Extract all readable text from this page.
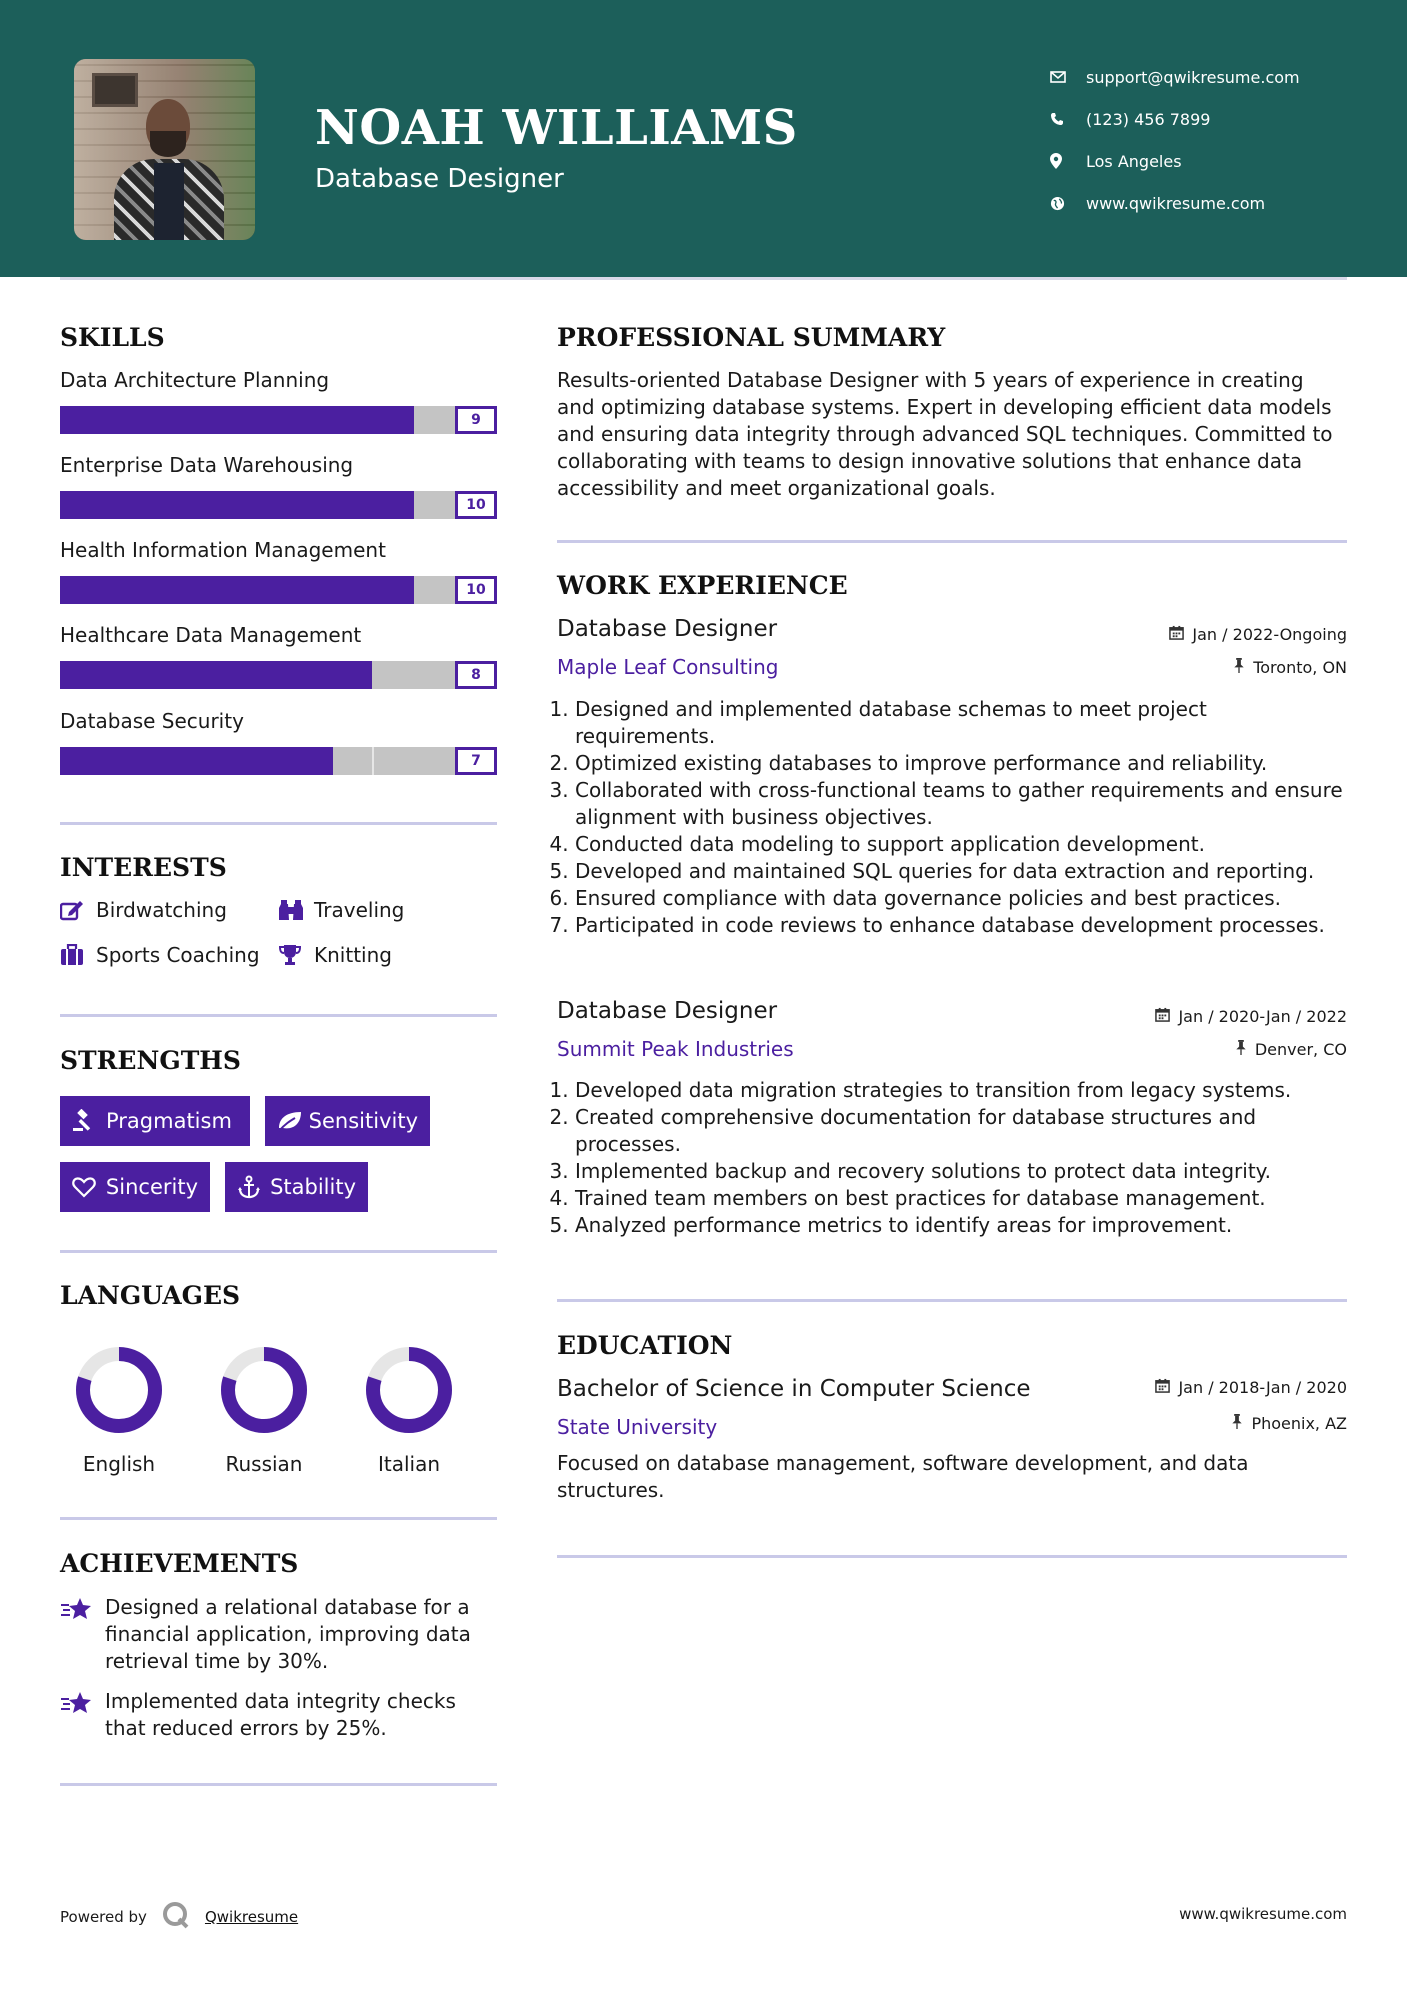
NOAH WILLIAMS
Database Designer
support@qwikresume.com
(123) 456 7899
Los Angeles
www.qwikresume.com
SKILLS
Data Architecture Planning
9
Enterprise Data Warehousing
10
Health Information Management
10
Healthcare Data Management
8
Database Security
7
INTERESTS
Birdwatching	Traveling
Sports Coaching	Knitting
STRENGTHS
Pragmatism	Sensitivity
Sincerity	Stability
LANGUAGES
English	Russian	Italian
ACHIEVEMENTS
Designed a relational database for a financial application, improving data retrieval time by 30%.
Implemented data integrity checks that reduced errors by 25%.
PROFESSIONAL SUMMARY
Results-oriented Database Designer with 5 years of experience in creating and optimizing database systems. Expert in developing efficient data models and ensuring data integrity through advanced SQL techniques. Committed to collaborating with teams to design innovative solutions that enhance data accessibility and meet organizational goals.
WORK EXPERIENCE
Database Designer	Jan / 2022-Ongoing
Maple Leaf Consulting	Toronto, ON
1. Designed and implemented database schemas to meet project requirements.
2. Optimized existing databases to improve performance and reliability.
3. Collaborated with cross-functional teams to gather requirements and ensure alignment with business objectives.
4. Conducted data modeling to support application development.
5. Developed and maintained SQL queries for data extraction and reporting.
6. Ensured compliance with data governance policies and best practices.
7. Participated in code reviews to enhance database development processes.
Database Designer	Jan / 2020-Jan / 2022
Summit Peak Industries	Denver, CO
1. Developed data migration strategies to transition from legacy systems.
2. Created comprehensive documentation for database structures and processes.
3. Implemented backup and recovery solutions to protect data integrity.
4. Trained team members on best practices for database management.
5. Analyzed performance metrics to identify areas for improvement.
EDUCATION
Bachelor of Science in Computer Science	Jan / 2018-Jan / 2020
State University	Phoenix, AZ
Focused on database management, software development, and data structures.
Powered by	Qwikresume	www.qwikresume.com
